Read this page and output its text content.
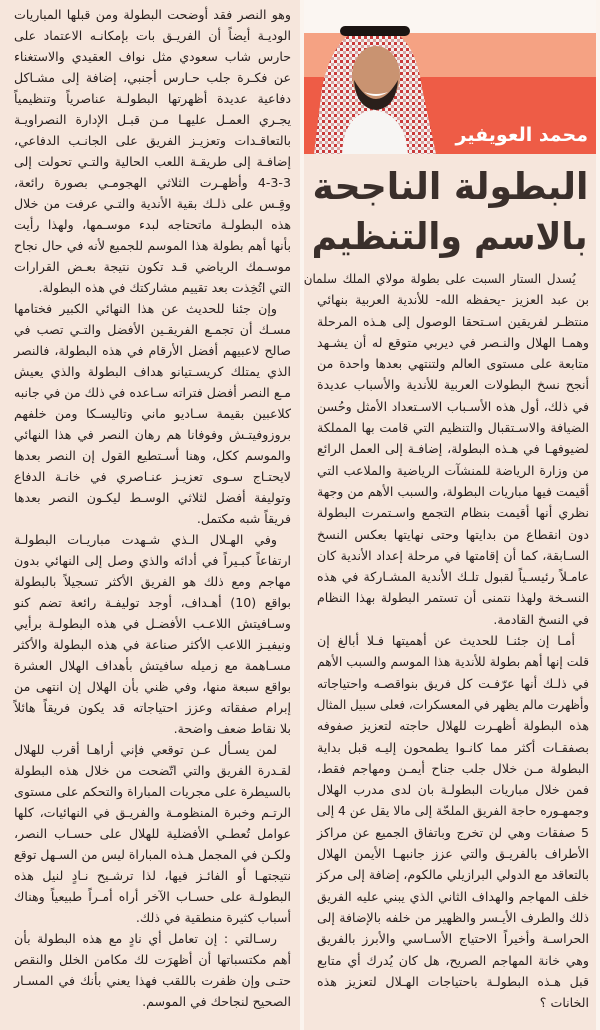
وهو النصر فقد أوضحت البطولة ومن قبلها المباريات
الوديـة أيضاً أن الفريـق بات بإمكانـه الاعتماد على
حارس شاب سعودي مثل نواف العقيدي والاستغناء
عن فكـرة جلب حـارس أجنبي، إضافة إلى مشـاكل
دفاعية عديدة أظهرتها البطولـة عناصرياً وتنظيمياً
يجـري العمـل عليهـا مـن قبـل الإدارة النصراويـة
بالتعاقـدات وتعزيـز الفريق على الجانـب الدفاعي،
إضافـة إلى طريقـة اللعب الحالية والتـي تحولت إلى
4-3-3 وأظهـرت الثلاثي الهجومـي بصورة رائعة،
وقِـس على ذلـك بقية الأندية والتـي عرفت من خلال
هذه البطولـة ماتحتاجه لبدء موسـمها، ولهذا رأيت
بأنها أهم بطولة هذا الموسم للجميع لأنه في حال نجاح
موسـمك الرياضي قـد تكون نتيجة بعـض القرارات
التي اتُخِذت بعد تقييم مشاركتك في هذه البطولة.
وإن جئنا للحديث عن هذا النهائي الكبير فختامها
مسـك أن تجمـع الفريقـين الأفضل والتـي تصب في
صالح لاعبيهم أفضل الأرقام في هذه البطولة، فالنصر
الذي يمتلك كريسـتيانو هداف البطولة والذي يعيش
مـع النصر أفضل فتراته سـاعده في ذلك من في جانبه
كلاعبين بقيمة سـاديو ماني وتاليسـكا ومن خلفهم
بروزوفيتـش وفوفانا هم رهان النصر في هذا النهائي
والموسم ككل، وهنا أسـتطيع القول إن النصر بعدها
لايحتـاج سـوى تعزيـز عنـاصري في خانـة الدفاع
وتوليفة أفضل لثلاثي الوسـط ليكـون النصر بعدها
فريقاً شبه مكتمل.
وفي الهـلال الـذي شـهدت مباريـات البطولـة
ارتفاعاً كبـيراً في أدائه والذي وصل إلى النهائي بدون
مهاجم ومع ذلك هو الفريق الأكثر تسجيلاً بالبطولة
بواقع (10) أهـداف، أوجد توليفـة رائعة تضم كنو
وسـافيتش اللاعـب الأفضـل في هذه البطولـة برأيي
ونيفيـز اللاعب الأكثر صناعة في هذه البطولة والأكثر
مسـاهمة مع زميله سافيتش بأهداف الهلال العشرة
بواقع سبعة منها، وفي ظني بأن الهلال إن انتهى من
إبرام صفقاته وعزز احتياجاته قد يكون فريقاً هائلاً
بلا نقاط ضعف واضحة.
لمن يسـأل عـن توقعي فإني أراهـا أقرب للهلال
لقـدرة الفريق والتي اتّضحت من خلال هذه البطولة
بالسيطرة على مجريات المباراة والتحكم على مستوى
الرتـم وخبرة المنظومـة والفريـق في النهائيات، كلها
عوامل تُعطـي الأفضلية للهلال على حسـاب النصر،
ولكـن في المجمل هـذه المباراة ليس من السـهل توقع
نتيجتهـا أو الفائـز فيها، لذا ترشـيح نـادٍ لنيل هذه
البطولـة على حسـاب الآخر أراه أمـراً طبيعياً وهناك
أسباب كثيرة منطقية في ذلك.
رسـالتي : إن تعامل أي نادٍ مع هذه البطولة بأن
أهم مكتسباتها أن أظهرَت لك مكامن الخلل والنقص
حتـى وإن ظفرت باللقب فهذا يعني بأنك في المسـار
الصحيح لنجاحك في الموسم.
محمد العويفير
البطولة الناجحة
بالاسم والتنظيم
يُسدل الستار السبت على بطولة مولاي الملك سلمان
بن عبد العزيز -يحفظه الله- للأندية العربية بنهائي
منتظـر لفريقين اسـتحقا الوصول إلى هـذه المرحلة
وهمـا الهلال والنـصر في ديربي متوقع له أن يشـهد
متابعة على مستوى العالم ولتنتهي بعدها واحدة من
أنجح نسخ البطولات العربية للأندية والأسباب عديدة
في ذلك، أول هذه الأسـباب الاسـتعداد الأمثل وحُسن
الضيافة والاسـتقبال والتنظيم التي قامت بها المملكة
لضيوفهـا في هـذه البطولة، إضافـة إلى العمل الرائع
من وزارة الرياضة للمنشآت الرياضية والملاعب التي
أقيمت فيها مباريات البطولة، والسبب الأهم من وجهة
نظري أنها أقيمت بنظام التجمع واسـتمرت البطولة
دون انقطاع من بدايتها وحتى نهايتها بعكس النسخ
السـابقة، كما أن إقامتها في مرحلة إعداد الأندية كان
عامـلاً رئيسـياً لقبول تلـك الأندية المشـاركة في هذه
النسـخة ولهذا نتمنى أن تستمر البطولة بهذا النظام
في النسخ القادمة.
أمـا إن جئنـا للحديث عن أهميتها فـلا أبالغ إن
قلت إنها أهم بطولة للأندية هذا الموسم والسبب الأهم
في ذلـك أنها عرّفـت كل فريق بنواقصـه واحتياجاته
وأظهرت مالم يظهر في المعسكرات، فعلى سبيل المثال
هذه البطولة أظهـرت للهلال حاجته لتعزيز صفوفه
بصفقـات أكثر مما كانـوا يطمحون إليـه قبل بداية
البطولة مـن خلال جلب جناح أيمـن ومهاجم فقط،
فمن خلال مباريات البطولـة بان لدى مدرب الهلال
وجمهـوره حاجة الفريق الملحّة إلى مالا يقل عن 4 إلى
5 صفقات وهي لن تخرج وباتفاق الجميع عن مراكز
الأطراف بالفريـق والتي عزز جانبهـا الأيمن الهلال
بالتعاقد مع الدولي البرازيلي مالكوم، إضافة إلى مركز
خلف المهاجم والهداف الثاني الذي يبني عليه الفريق
ذلك والطرف الأيـسر والظهير من خلفه بالإضافة إلى
الحراسـة وأخيراً الاحتياج الأسـاسي والأبرز بالفريق
وهي خانة المهاجم الصريح، هل كان يُدرك أي متابع
قبل هـذه البطولـة باحتياجات الهـلال لتعزيز هذه
الخانات ؟
